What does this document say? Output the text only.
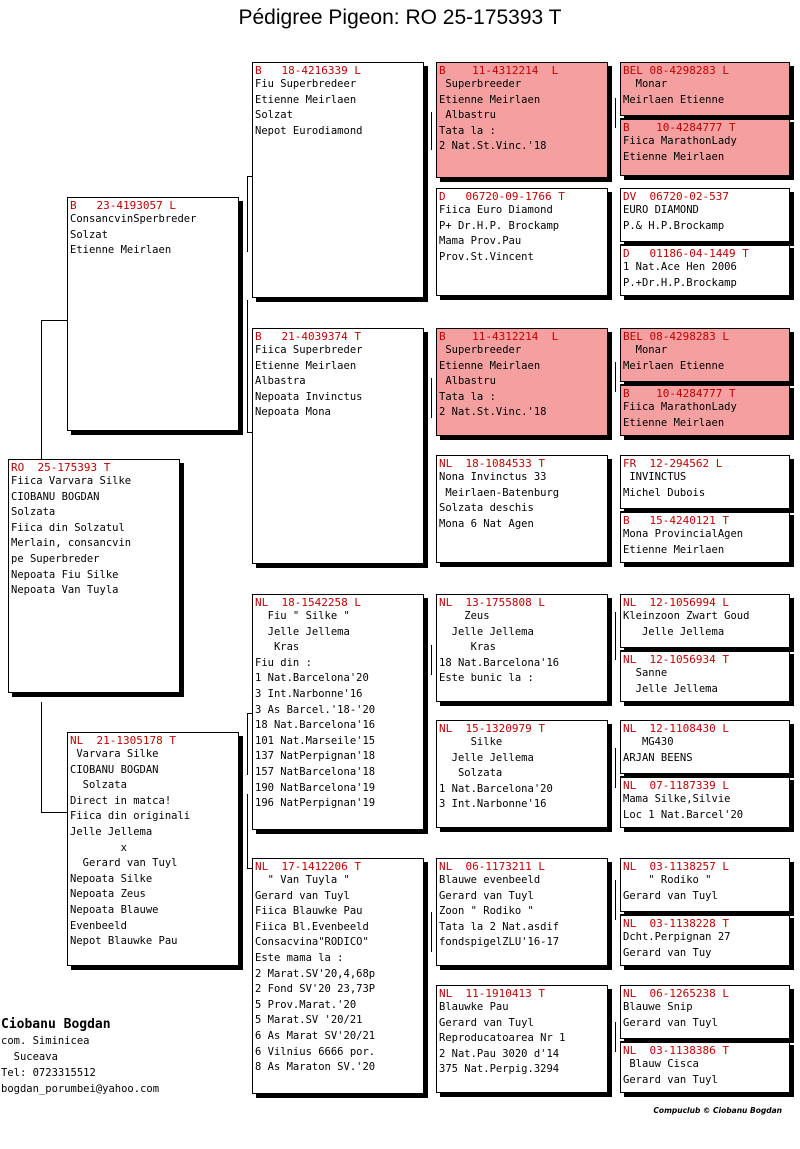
Pédigree Pigeon: RO 25-175393 T
RO  25-175393 T
Fiica Varvara Silke
CIOBANU BOGDAN
Solzata
Fiica din Solzatul
Merlain, consancvin
pe Superbreder
Nepoata Fiu Silke
Nepoata Van Tuyla
B   23-4193057 L
ConsancvinSperbreder
Solzat
Etienne Meirlaen
NL  21-1305178 T
Varvara Silke
CIOBANU BOGDAN
Solzata
Direct in matca!
Fiica din originali
Jelle Jellema
x
Gerard van Tuyl
Nepoata Silke
Nepoata Zeus
Nepoata Blauwe
Evenbeeld
Nepot Blauwke Pau
B   18-4216339 L
Fiu Superbredeer
Etienne Meirlaen
Solzat
Nepot Eurodiamond
B   21-4039374 T
Fiica Superbreder
Etienne Meirlaen
Albastra
Nepoata Invinctus
Nepoata Mona
NL  18-1542258 L
Fiu " Silke "
Jelle Jellema
Kras
Fiu din :
1 Nat.Barcelona'20
3 Int.Narbonne'16
3 As Barcel.'18-'20
18 Nat.Barcelona'16
101 Nat.Marseile'15
137 NatPerpignan'18
157 NatBarcelona'18
190 NatBarcelona'19
196 NatPerpignan'19
NL  17-1412206 T
" Van Tuyla "
Gerard van Tuyl
Fiica Blauwke Pau
Fiica Bl.Evenbeeld
Consacvina"RODICO"
Este mama la :
2 Marat.SV'20,4,68p
2 Fond SV'20 23,73P
5 Prov.Marat.'20
5 Marat.SV '20/21
6 As Marat SV'20/21
6 Vilnius 6666 por.
8 As Maraton SV.'20
B    11-4312214  L
Superbreeder
Etienne Meirlaen
Albastru
Tata la :
2 Nat.St.Vinc.'18
D   06720-09-1766 T
Fiica Euro Diamond
P+ Dr.H.P. Brockamp
Mama Prov.Pau
Prov.St.Vincent
B    11-4312214  L
Superbreeder
Etienne Meirlaen
Albastru
Tata la :
2 Nat.St.Vinc.'18
NL  18-1084533 T
Nona Invinctus 33
Meirlaen-Batenburg
Solzata deschis
Mona 6 Nat Agen
NL  13-1755808 L
Zeus
Jelle Jellema
Kras
18 Nat.Barcelona'16
Este bunic la :
NL  15-1320979 T
Silke
Jelle Jellema
Solzata
1 Nat.Barcelona'20
3 Int.Narbonne'16
NL  06-1173211 L
Blauwe evenbeeld
Gerard van Tuyl
Zoon " Rodiko "
Tata la 2 Nat.asdif
fondspigelZLU'16-17
NL  11-1910413 T
Blauwke Pau
Gerard van Tuyl
Reproducatoarea Nr 1
2 Nat.Pau 3020 d'14
375 Nat.Perpig.3294
BEL 08-4298283 L
Monar
Meirlaen Etienne
B    10-4284777 T
Fiica MarathonLady
Etienne Meirlaen
DV  06720-02-537
EURO DIAMOND
P.& H.P.Brockamp
D   01186-04-1449 T
1 Nat.Ace Hen 2006
P.+Dr.H.P.Brockamp
BEL 08-4298283 L
Monar
Meirlaen Etienne
B    10-4284777 T
Fiica MarathonLady
Etienne Meirlaen
FR  12-294562 L
INVINCTUS
Michel Dubois
B   15-4240121 T
Mona ProvincialAgen
Etienne Meirlaen
NL  12-1056994 L
Kleinzoon Zwart Goud
Jelle Jellema
NL  12-1056934 T
Sanne
Jelle Jellema
NL  12-1108430 L
MG430
ARJAN BEENS
NL  07-1187339 L
Mama Silke,Silvie
Loc 1 Nat.Barcel'20
NL  03-1138257 L
" Rodiko "
Gerard van Tuyl
NL  03-1138228 T
Dcht.Perpignan 27
Gerard van Tuy
NL  06-1265238 L
Blauwe Snip
Gerard van Tuyl
NL  03-1138386 T
Blauw Cisca
Gerard van Tuyl
Ciobanu Bogdan
com. Siminicea
Suceava
Tel: 0723315512
bogdan_porumbei@yahoo.com
Compuclub © Ciobanu Bogdan
